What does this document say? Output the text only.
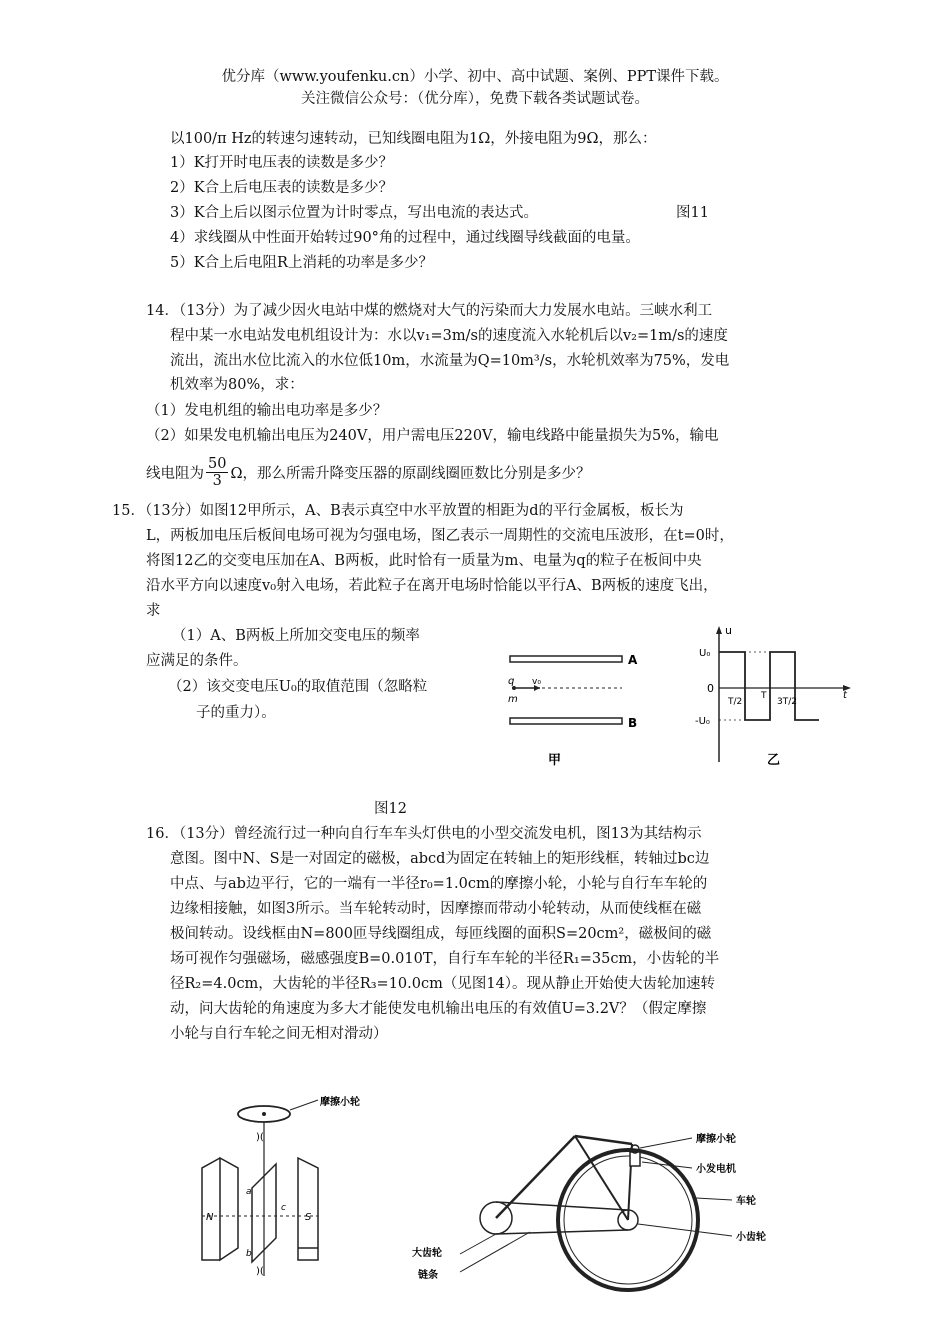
优分库（www.youfenku.cn）小学、初中、高中试题、案例、PPT课件下载。
关注微信公众号：（优分库），免费下载各类试题试卷。
以100/π Hz的转速匀速转动，已知线圈电阻为1Ω，外接电阻为9Ω，那么：
1）K打开时电压表的读数是多少？
2）K合上后电压表的读数是多少？
3）K合上后以图示位置为计时零点，写出电流的表达式。	图11
4）求线圈从中性面开始转过90°角的过程中，通过线圈导线截面的电量。
5）K合上后电阻R上消耗的功率是多少？
14．（13分）为了减少因火电站中煤的燃烧对大气的污染而大力发展水电站。三峡水利工
程中某一水电站发电机组设计为：水以v₁=3m/s的速度流入水轮机后以v₂=1m/s的速度
流出，流出水位比流入的水位低10m，水流量为Q=10m³/s，水轮机效率为75%，发电
机效率为80%，求：
（1）发电机组的输出电功率是多少？
（2）如果发电机输出电压为240V，用户需电压220V，输电线路中能量损失为5%，输电
线电阻为 $\frac{50}{3}$ Ω，那么所需升降变压器的原副线圈匝数比分别是多少？
15．（13分）如图12甲所示，A、B表示真空中水平放置的相距为d的平行金属板，板长为
L，两板加电压后板间电场可视为匀强电场，图乙表示一周期性的交流电压波形，在t=0时，
将图12乙的交变电压加在A、B两板，此时恰有一质量为m、电量为q的粒子在板间中央
沿水平方向以速度v₀射入电场，若此粒子在离开电场时恰能以平行A、B两板的速度飞出，
求
（1）A、B两板上所加交变电压的频率
应满足的条件。
（2）该交变电压U₀的取值范围（忽略粒
子的重力）。
A
B
q v₀
m
甲
u
U₀
0
-U₀
T/2
T
3T/2
t
乙
图12
16．（13分）曾经流行过一种向自行车车头灯供电的小型交流发电机，图13为其结构示
意图。图中N、S是一对固定的磁极，abcd为固定在转轴上的矩形线框，转轴过bc边
中点、与ab边平行，它的一端有一半径r₀=1.0cm的摩擦小轮，小轮与自行车车轮的
边缘相接触，如图3所示。当车轮转动时，因摩擦而带动小轮转动，从而使线框在磁
极间转动。设线框由N=800匝导线圈组成，每匝线圈的面积S=20cm²，磁极间的磁
场可视作匀强磁场，磁感强度B=0.010T，自行车车轮的半径R₁=35cm，小齿轮的半
径R₂=4.0cm，大齿轮的半径R₃=10.0cm（见图14）。现从静止开始使大齿轮加速转
动，问大齿轮的角速度为多大才能使发电机输出电压的有效值U=3.2V？（假定摩擦
小轮与自行车轮之间无相对滑动）
摩擦小轮
)(
)(
N	S
a
b
c
摩擦小轮
小发电机
车轮
小齿轮
大齿轮
链条
